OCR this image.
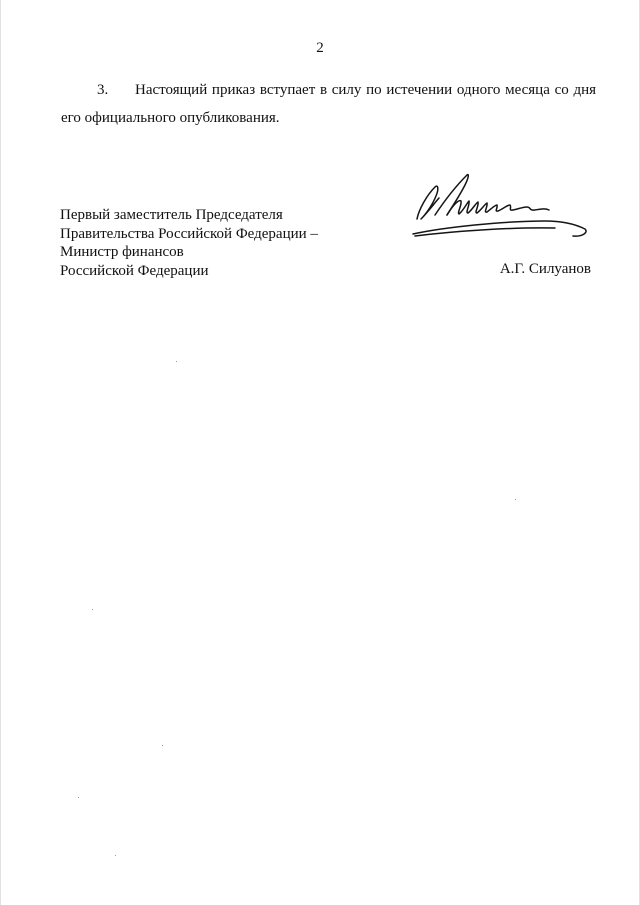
2
3. Настоящий приказ вступает в силу по истечении одного месяца со дня
его официального опубликования.
Первый заместитель Председателя
Правительства Российской Федерации –
Министр финансов
Российской Федерации	А.Г. Силуанов
